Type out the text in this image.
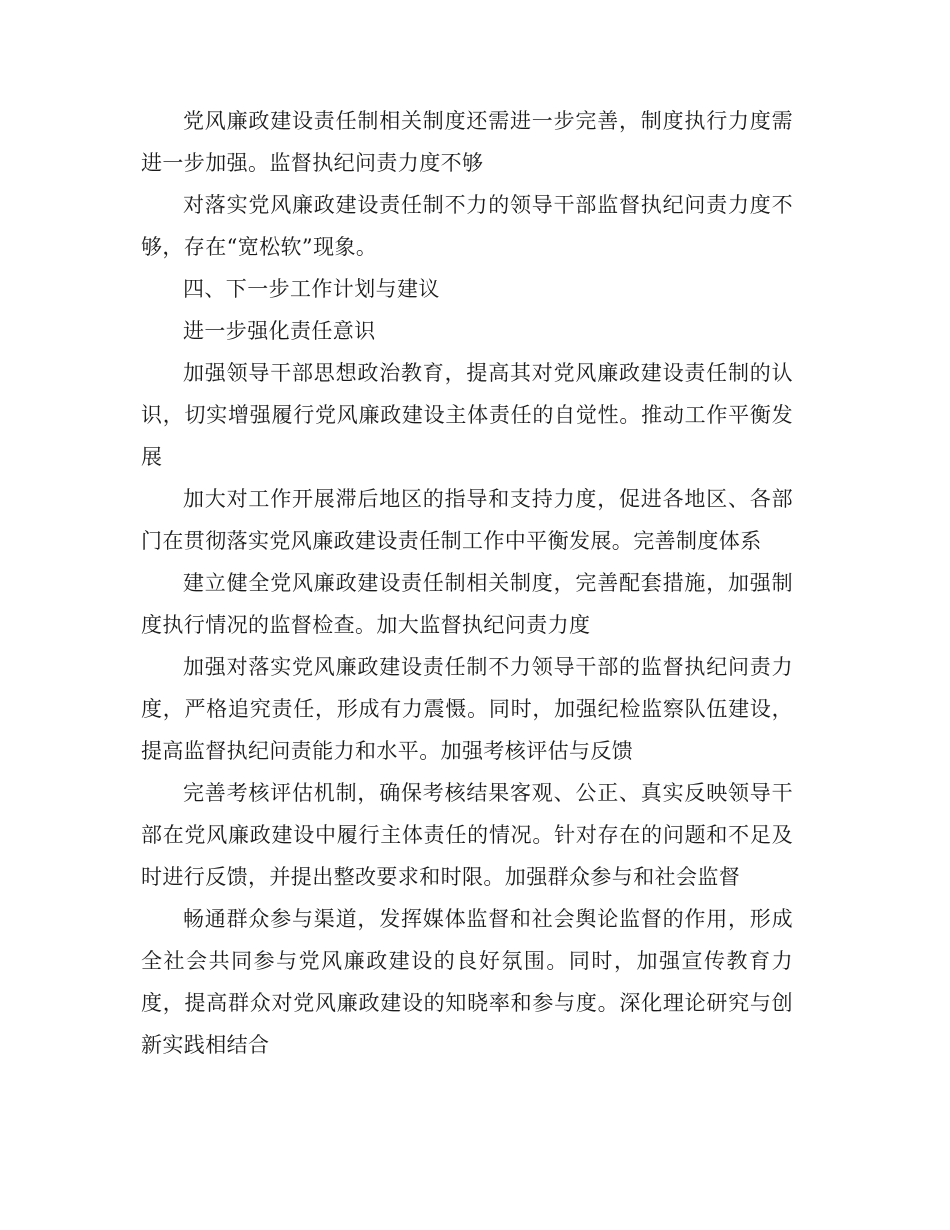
党风廉政建设责任制相关制度还需进一步完善，制度执行力度需进一步加强。监督执纪问责力度不够

对落实党风廉政建设责任制不力的领导干部监督执纪问责力度不够，存在“宽松软”现象。

四、下一步工作计划与建议

进一步强化责任意识

加强领导干部思想政治教育，提高其对党风廉政建设责任制的认识，切实增强履行党风廉政建设主体责任的自觉性。推动工作平衡发展

加大对工作开展滞后地区的指导和支持力度，促进各地区、各部门在贯彻落实党风廉政建设责任制工作中平衡发展。完善制度体系

建立健全党风廉政建设责任制相关制度，完善配套措施，加强制度执行情况的监督检查。加大监督执纪问责力度

加强对落实党风廉政建设责任制不力领导干部的监督执纪问责力度，严格追究责任，形成有力震慑。同时，加强纪检监察队伍建设，提高监督执纪问责能力和水平。加强考核评估与反馈

完善考核评估机制，确保考核结果客观、公正、真实反映领导干部在党风廉政建设中履行主体责任的情况。针对存在的问题和不足及时进行反馈，并提出整改要求和时限。加强群众参与和社会监督

畅通群众参与渠道，发挥媒体监督和社会舆论监督的作用，形成全社会共同参与党风廉政建设的良好氛围。同时，加强宣传教育力度，提高群众对党风廉政建设的知晓率和参与度。深化理论研究与创新实践相结合
